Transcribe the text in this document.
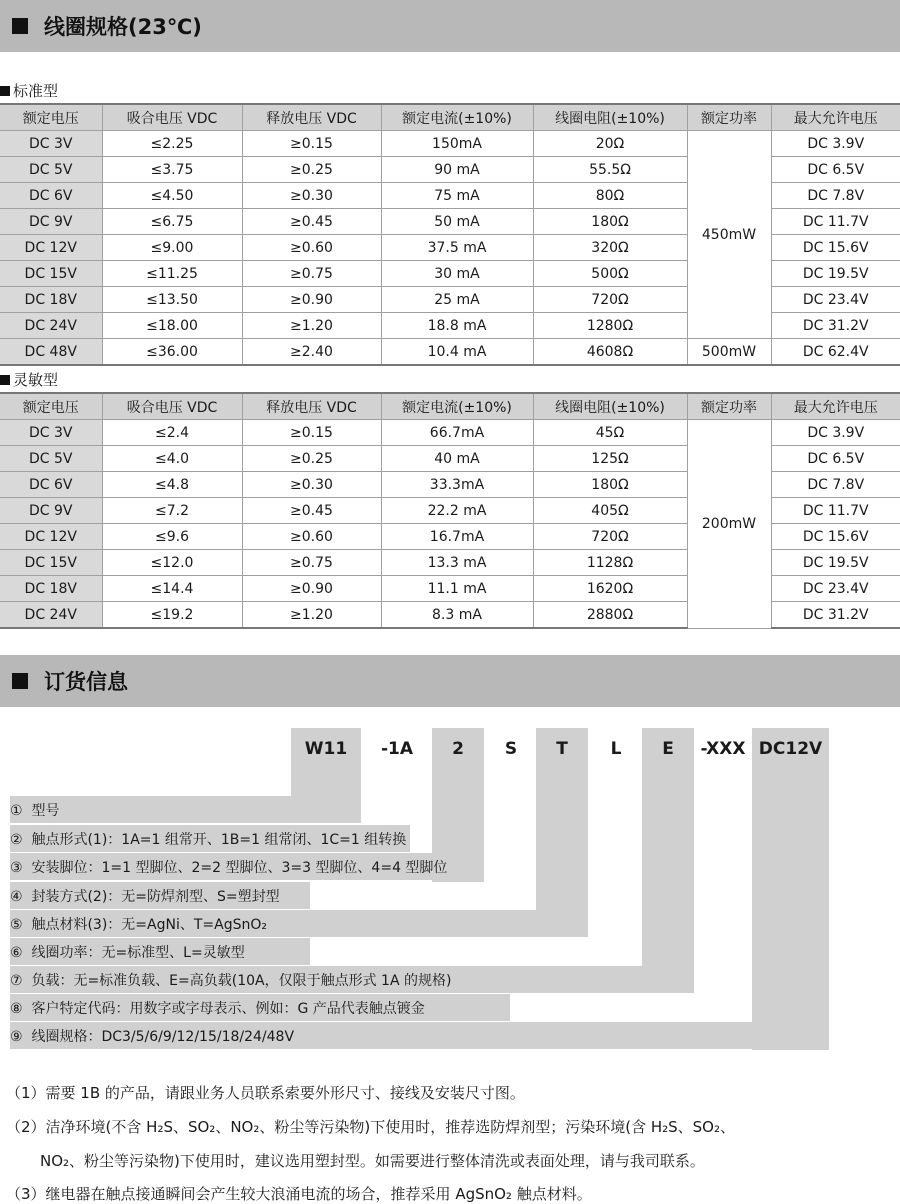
线圈规格(23℃)
标准型
额定电压	吸合电压 VDC	释放电压 VDC	额定电流(±10%)	线圈电阻(±10%)	额定功率	最大允许电压
DC 3V	≤2.25	≥0.15	150mA	20Ω	450mW	DC 3.9V
DC 5V	≤3.75	≥0.25	90 mA	55.5Ω		DC 6.5V
DC 6V	≤4.50	≥0.30	75 mA	80Ω		DC 7.8V
DC 9V	≤6.75	≥0.45	50 mA	180Ω		DC 11.7V
DC 12V	≤9.00	≥0.60	37.5 mA	320Ω		DC 15.6V
DC 15V	≤11.25	≥0.75	30 mA	500Ω		DC 19.5V
DC 18V	≤13.50	≥0.90	25 mA	720Ω		DC 23.4V
DC 24V	≤18.00	≥1.20	18.8 mA	1280Ω		DC 31.2V
DC 48V	≤36.00	≥2.40	10.4 mA	4608Ω	500mW	DC 62.4V
灵敏型
额定电压	吸合电压 VDC	释放电压 VDC	额定电流(±10%)	线圈电阻(±10%)	额定功率	最大允许电压
DC 3V	≤2.4	≥0.15	66.7mA	45Ω	200mW	DC 3.9V
DC 5V	≤4.0	≥0.25	40 mA	125Ω		DC 6.5V
DC 6V	≤4.8	≥0.30	33.3mA	180Ω		DC 7.8V
DC 9V	≤7.2	≥0.45	22.2 mA	405Ω		DC 11.7V
DC 12V	≤9.6	≥0.60	16.7mA	720Ω		DC 15.6V
DC 15V	≤12.0	≥0.75	13.3 mA	1128Ω		DC 19.5V
DC 18V	≤14.4	≥0.90	11.1 mA	1620Ω		DC 23.4V
DC 24V	≤19.2	≥1.20	8.3 mA	2880Ω		DC 31.2V
订货信息
W11	-1A	2	S	T	L	E	-XXX DC12V
①  型号
②  触点形式(1)：1A=1 组常开、1B=1 组常闭、1C=1 组转换
③  安装脚位：1=1 型脚位、2=2 型脚位、3=3 型脚位、4=4 型脚位
④  封装方式(2)：无=防焊剂型、S=塑封型
⑤  触点材料(3)：无=AgNi、T=AgSnO₂
⑥  线圈功率：无=标准型、L=灵敏型
⑦  负载：无=标准负载、E=高负载(10A，仅限于触点形式 1A 的规格)
⑧  客户特定代码：用数字或字母表示、例如：G 产品代表触点镀金
⑨  线圈规格：DC3/5/6/9/12/15/18/24/48V
（1）需要 1B 的产品，请跟业务人员联系索要外形尺寸、接线及安装尺寸图。
（2）洁净环境(不含 H₂S、SO₂、NO₂、粉尘等污染物)下使用时，推荐选防焊剂型；污染环境(含 H₂S、SO₂、
NO₂、粉尘等污染物)下使用时，建议选用塑封型。如需要进行整体清洗或表面处理，请与我司联系。
（3）继电器在触点接通瞬间会产生较大浪涌电流的场合，推荐采用 AgSnO₂ 触点材料。
